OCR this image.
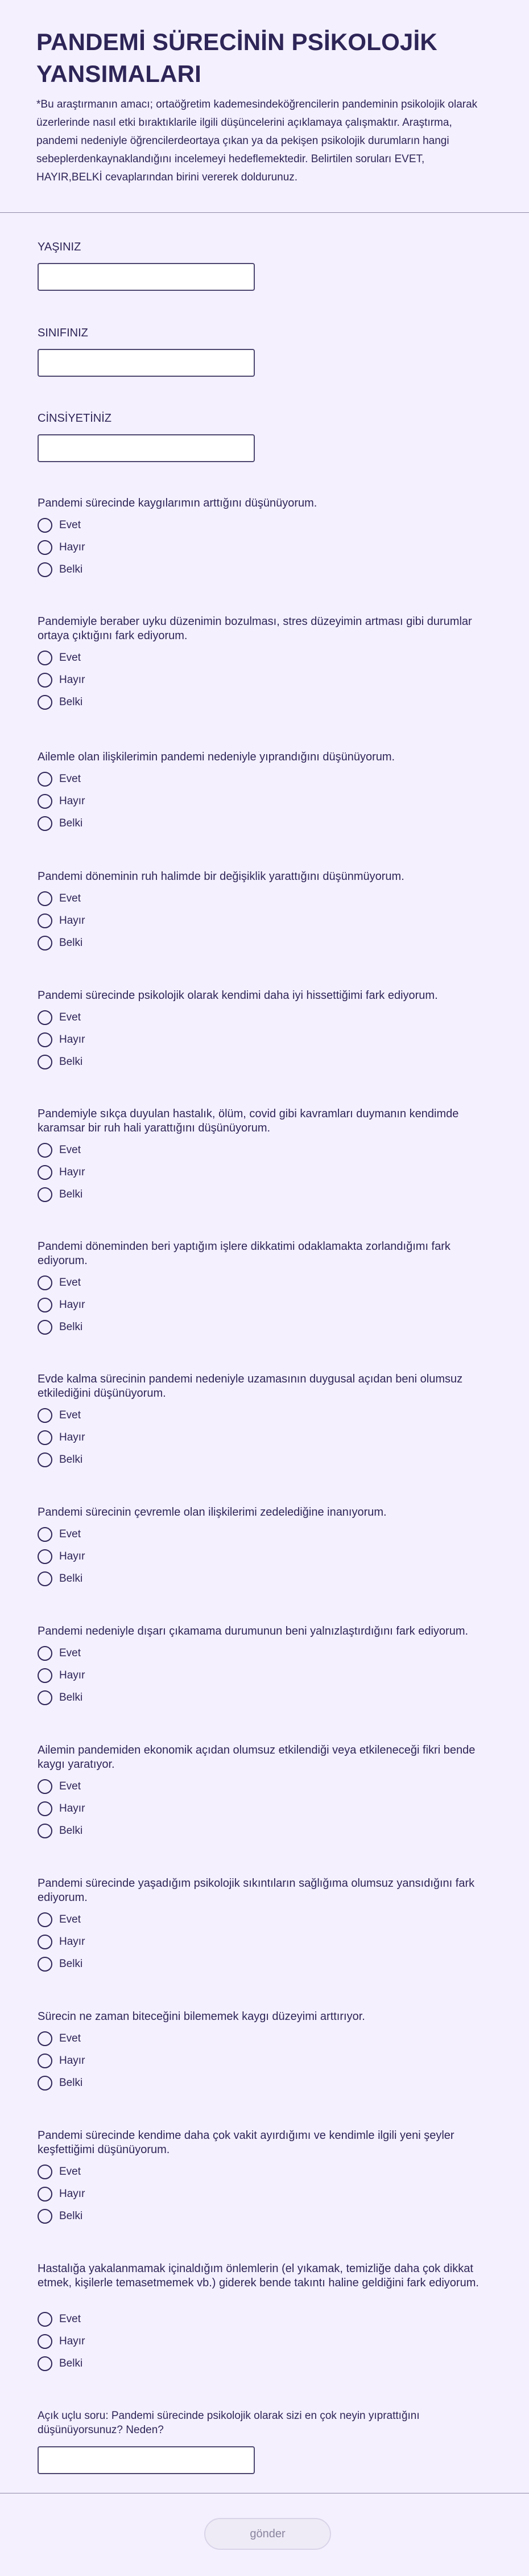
PANDEMİ SÜRECİNİN PSİKOLOJİK YANSIMALARI

*Bu araştırmanın amacı; ortaöğretim kademesindeköğrencilerin pandeminin psikolojik olarak üzerlerinde nasıl etki bıraktıklarile ilgili düşüncelerini açıklamaya çalışmaktır. Araştırma, pandemi nedeniyle öğrencilerdeortaya çıkan ya da pekişen psikolojik durumların hangi sebeplerdenkaynaklandığını incelemeyi hedeflemektedir. Belirtilen soruları EVET, HAYIR,BELKİ cevaplarından birini vererek doldurunuz.

YAŞINIZ
SINIFINIZ
CİNSİYETİNİZ
Pandemi sürecinde kaygılarımın arttığını düşünüyorum.
Evet
Hayır
Belki
Pandemiyle beraber uyku düzenimin bozulması, stres düzeyimin artması gibi durumlar ortaya çıktığını fark ediyorum.
Evet
Hayır
Belki
Ailemle olan ilişkilerimin pandemi nedeniyle yıprandığını düşünüyorum.
Evet
Hayır
Belki
Pandemi döneminin ruh halimde bir değişiklik yarattığını düşünmüyorum.
Evet
Hayır
Belki
Pandemi sürecinde psikolojik olarak kendimi daha iyi hissettiğimi fark ediyorum.
Evet
Hayır
Belki
Pandemiyle sıkça duyulan hastalık, ölüm, covid gibi kavramları duymanın kendimde karamsar bir ruh hali yarattığını düşünüyorum.
Evet
Hayır
Belki
Pandemi döneminden beri yaptığım işlere dikkatimi odaklamakta zorlandığımı fark ediyorum.
Evet
Hayır
Belki
Evde kalma sürecinin pandemi nedeniyle uzamasının duygusal açıdan beni olumsuz etkilediğini düşünüyorum.
Evet
Hayır
Belki
Pandemi sürecinin çevremle olan ilişkilerimi zedelediğine inanıyorum.
Evet
Hayır
Belki
Pandemi nedeniyle dışarı çıkamama durumunun beni yalnızlaştırdığını fark ediyorum.
Evet
Hayır
Belki
Ailemin pandemiden ekonomik açıdan olumsuz etkilendiği veya etkileneceği fikri bende kaygı yaratıyor.
Evet
Hayır
Belki
Pandemi sürecinde yaşadığım psikolojik sıkıntıların sağlığıma olumsuz yansıdığını fark ediyorum.
Evet
Hayır
Belki
Sürecin ne zaman biteceğini bilememek kaygı düzeyimi arttırıyor.
Evet
Hayır
Belki
Pandemi sürecinde kendime daha çok vakit ayırdığımı ve kendimle ilgili yeni şeyler keşfettiğimi düşünüyorum.
Evet
Hayır
Belki
Hastalığa yakalanmamak içinaldığım önlemlerin (el yıkamak, temizliğe daha çok dikkat etmek, kişilerle temasetmemek vb.) giderek bende takıntı haline geldiğini fark ediyorum.
Evet
Hayır
Belki
Açık uçlu soru: Pandemi sürecinde psikolojik olarak sizi en çok neyin yıprattığını düşünüyorsunuz? Neden?
gönder
